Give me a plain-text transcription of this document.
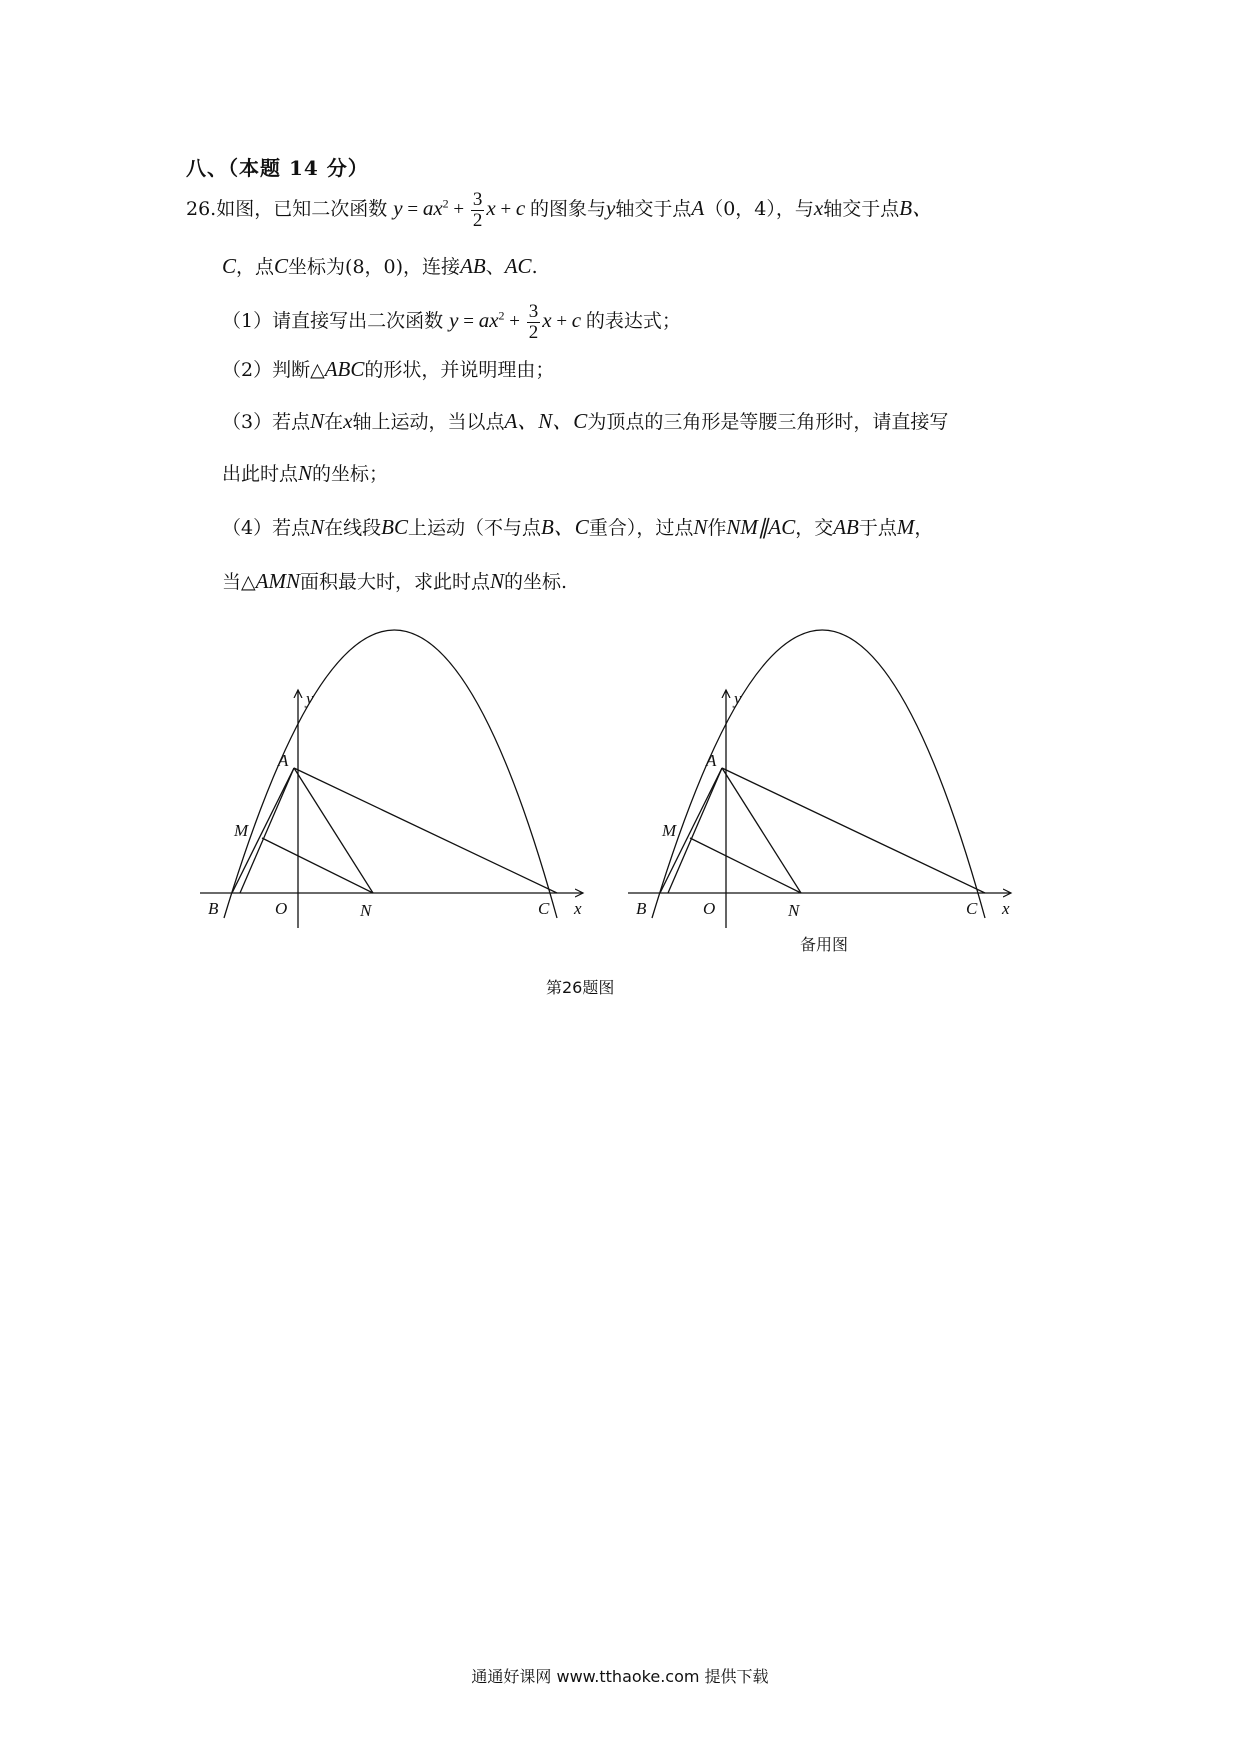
八、（本题 14 分）
26.如图，已知二次函数 $y = ax^2 + \frac{3}{2}$ x + c 的图象与y轴交于点A（0，4），与x轴交于点B、
C，点C坐标为(8，0)，连接AB、AC.
（1）请直接写出二次函数 $y = ax^2 + \frac{3}{2}$ x + c 的表达式；
（2）判断△ABC的形状，并说明理由；
（3）若点N在x轴上运动，当以点A、N、C为顶点的三角形是等腰三角形时，请直接写
出此时点N的坐标；
（4）若点N在线段BC上运动（不与点B、C重合），过点N作NM∥AC，交AB于点M，
当△AMN面积最大时，求此时点N的坐标.
y
A
M
B	O	N	C x
y
A
M
B	O	N	C x
备用图
第26题图
通通好课网 www.tthaoke.com 提供下载
